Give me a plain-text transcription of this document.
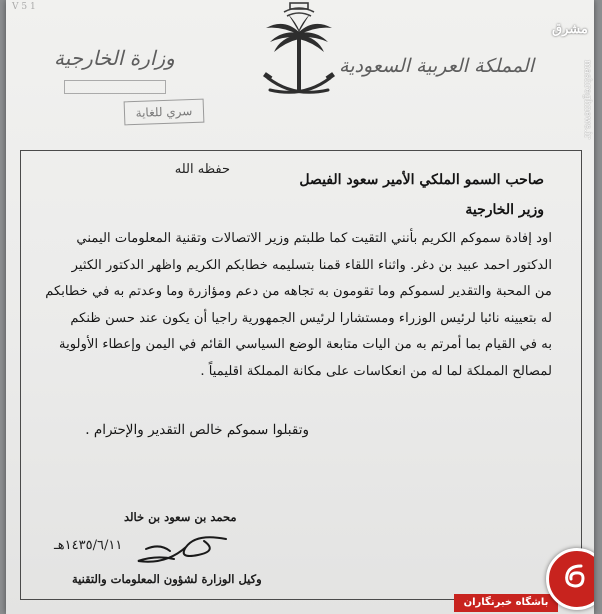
V 5 1
المملكة العربية السعودية
وزارة الخارجية
سري للغاية
مشرق
mashreghnews.ir
حفظه الله
صاحب السمو الملكي الأمير سعود الفيصل
وزير الخارجية
اود إفادة سموكم الكريم بأنني التقيت كما طلبتم وزير الاتصالات وتقنية المعلومات اليمني
الدكتور احمد عبيد بن دغر. واثناء اللقاء قمنا بتسليمه خطابكم الكريم واظهر الدكتور الكثير
من المحبة والتقدير لسموكم وما تقومون به تجاهه من دعم ومؤازرة وما وعدتم به في خطابكم
له بتعيينه نائبا لرئيس الوزراء ومستشارا لرئيس الجمهورية راجيا أن يكون عند حسن ظنكم
به في القيام بما أمرتم به من اليات متابعة الوضع السياسي القائم في اليمن وإعطاء الأولوية
لمصالح المملكة لما له من انعكاسات على مكانة المملكة اقليمياً .
وتقبلوا سموكم خالص التقدير والإحترام .
محمد بن سعود بن خالد
١٤٣٥/٦/١١هـ
وكيل الوزارة لشؤون المعلومات والتقنية
باشگاه خبرنگاران
